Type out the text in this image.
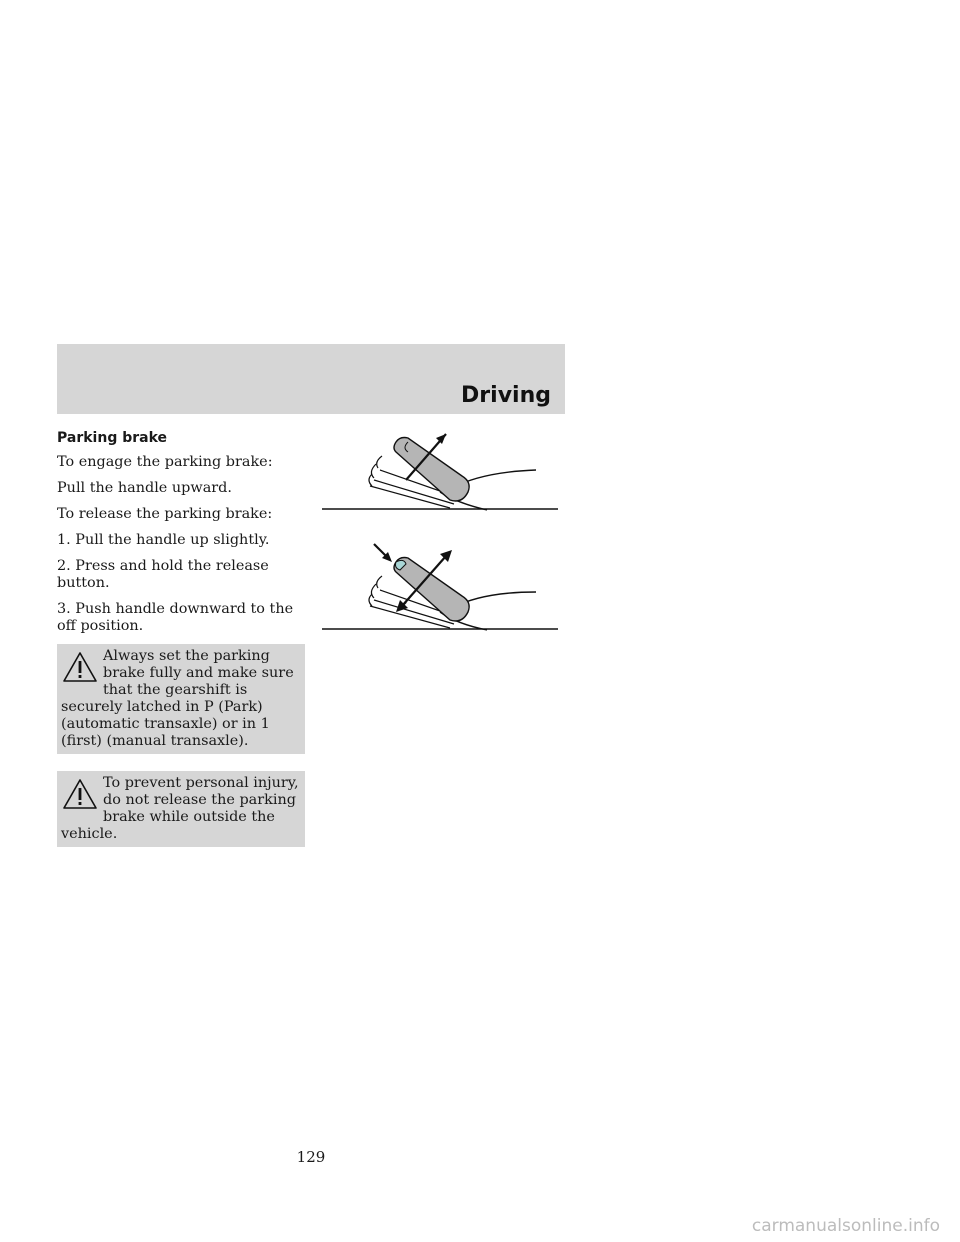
Driving
Parking brake
To engage the parking brake:
Pull the handle upward.
To release the parking brake:
1. Pull the handle up slightly.
2. Press and hold the release button.
3. Push handle downward to the off position.
Always set the parking brake fully and make sure that the gearshift is securely latched in P (Park) (automatic transaxle) or in 1 (first) (manual transaxle).
To prevent personal injury, do not release the parking brake while outside the vehicle.
129
carmanualsonline.info
